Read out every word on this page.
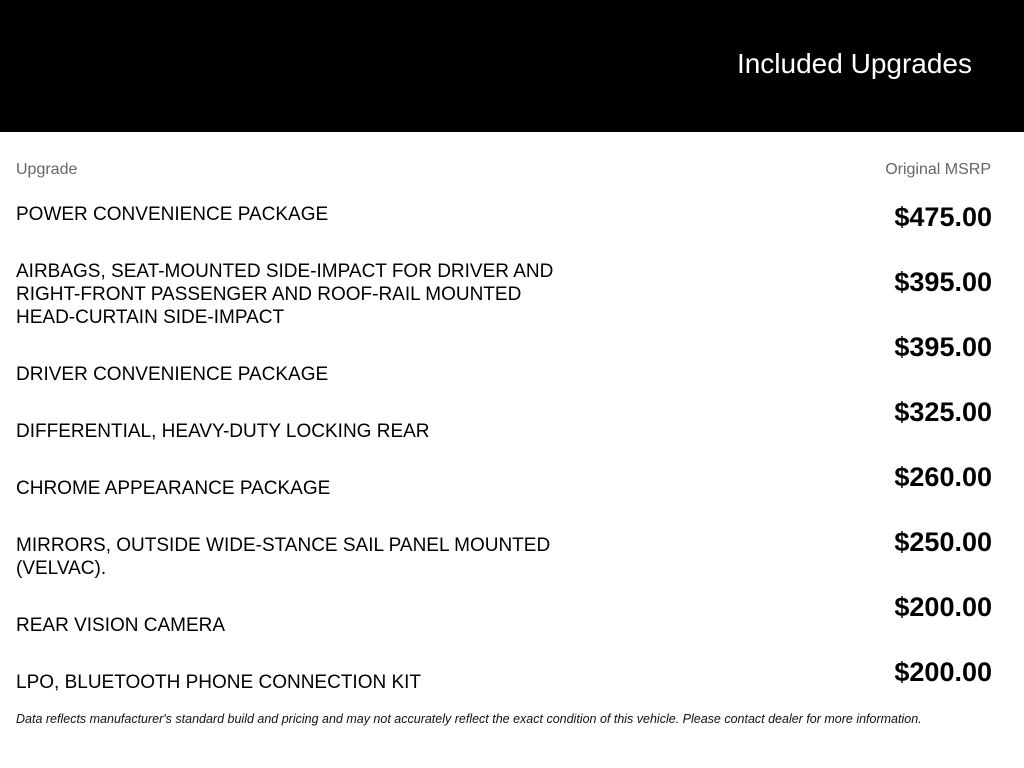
Included Upgrades
Upgrade	Original MSRP
POWER CONVENIENCE PACKAGE
AIRBAGS, SEAT-MOUNTED SIDE-IMPACT FOR DRIVER AND RIGHT-FRONT PASSENGER AND ROOF-RAIL MOUNTED HEAD-CURTAIN SIDE-IMPACT
DRIVER CONVENIENCE PACKAGE
DIFFERENTIAL, HEAVY-DUTY LOCKING REAR
CHROME APPEARANCE PACKAGE
MIRRORS, OUTSIDE WIDE-STANCE SAIL PANEL MOUNTED (VELVAC).
REAR VISION CAMERA
LPO, BLUETOOTH PHONE CONNECTION KIT
$475.00
$395.00
$395.00
$325.00
$260.00
$250.00
$200.00
$200.00
Data reflects manufacturer's standard build and pricing and may not accurately reflect the exact condition of this vehicle. Please contact dealer for more information.
